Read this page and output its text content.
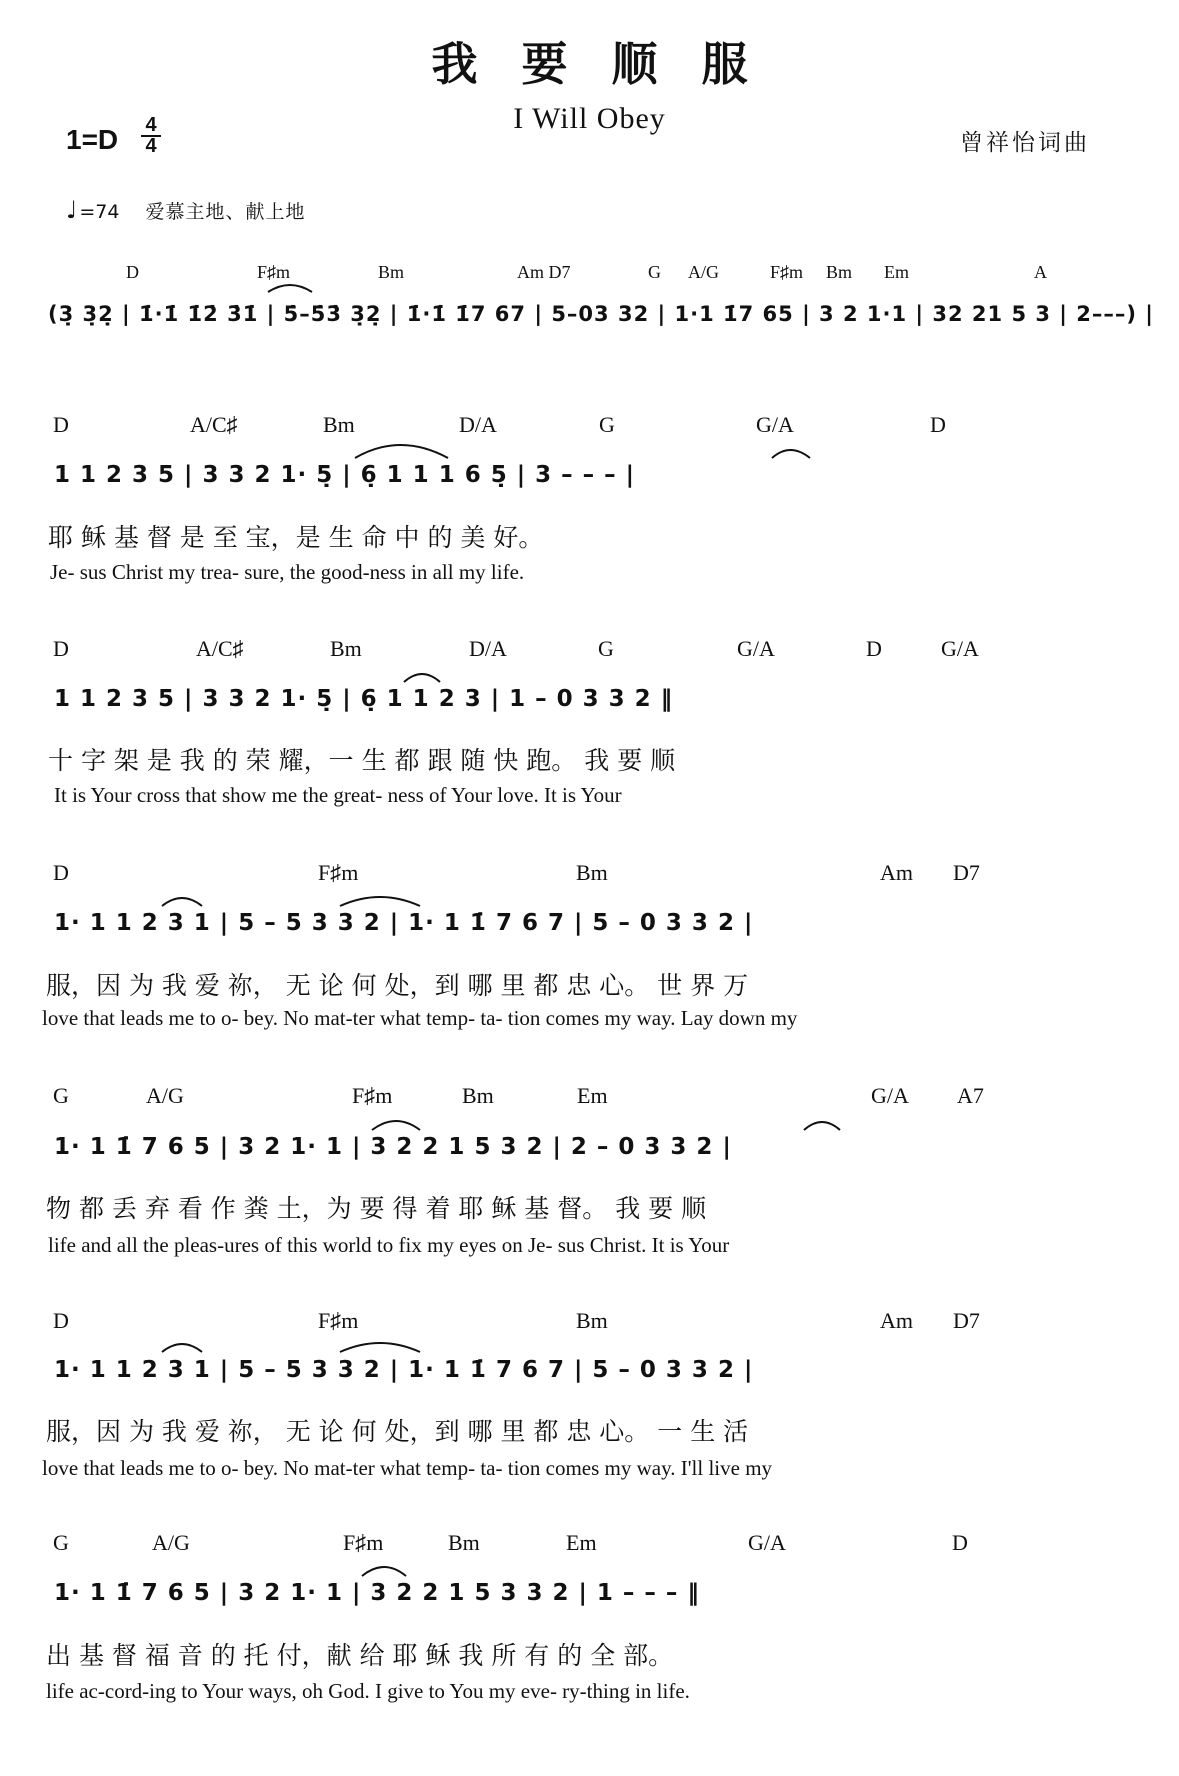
我要顺服
I Will Obey
1=D 4
4	曾祥怡词曲
♩ =74 爱慕主地、献上地
D	F♯m	Bm	Am D7	G A/G	F♯m Bm Em	A
(3̣ 3̣2̣ | 1̇·1̇ 1̇2̇ 3̇1̇ | 5̇–5̇3̇ 3̣2̣ | 1̇·1̇ 1̇7 67 | 5–03 32 | 1·1 1̇7 65 | 3 2 1·1 | 32 21 5 3 | 2–––) |
D	A/C♯	Bm	D/A	G	G/A	D
1 1 2 3 5 | 3 3 2 1· 5̣ | 6̣ 1 1 1 6 5̣ | 3 – – – |
耶 稣 基 督 是 至 宝，是 生 命 中 的 美 好。
Je- sus Christ my trea- sure, the good-ness in all my life.
D	A/C♯	Bm	D/A	G	G/A	D	G/A
1 1 2 3 5 | 3 3 2 1· 5̣ | 6̣ 1 1 2 3 | 1 – 0 3 3 2 ‖
十 字 架 是 我 的 荣 耀，一 生 都 跟 随 快 跑。 我 要 顺
It is Your cross that show me the great- ness of Your love. It is Your
D	F♯m	Bm	Am D7
1· 1 1 2 3 1 | 5 – 5 3 3 2 | 1· 1 1̇ 7 6 7 | 5 – 0 3 3 2 |
服，因 为 我 爱 祢， 无 论 何 处，到 哪 里 都 忠 心。 世 界 万
love that leads me to o- bey. No mat-ter what temp- ta- tion comes my way. Lay down my
G	A/G	F♯m	Bm	Em	G/A A7
1· 1 1̇ 7 6 5 | 3 2 1· 1 | 3 2 2 1 5 3 2 | 2 – 0 3 3 2 |
物 都 丢 弃 看 作 粪 土，为 要 得 着 耶 稣 基 督。 我 要 顺
life and all the pleas-ures of this world to fix my eyes on Je- sus Christ. It is Your
D	F♯m	Bm	Am D7
1· 1 1 2 3 1 | 5 – 5 3 3 2 | 1· 1 1̇ 7 6 7 | 5 – 0 3 3 2 |
服，因 为 我 爱 祢， 无 论 何 处，到 哪 里 都 忠 心。 一 生 活
love that leads me to o- bey. No mat-ter what temp- ta- tion comes my way. I'll live my
G	A/G	F♯m	Bm	Em	G/A	D
1· 1 1̇ 7 6 5 | 3 2 1· 1 | 3 2 2 1 5 3 3 2 | 1 – – – ‖
出 基 督 福 音 的 托 付，献 给 耶 稣 我 所 有 的 全 部。
life ac-cord-ing to Your ways, oh God. I give to You my eve- ry-thing in life.
